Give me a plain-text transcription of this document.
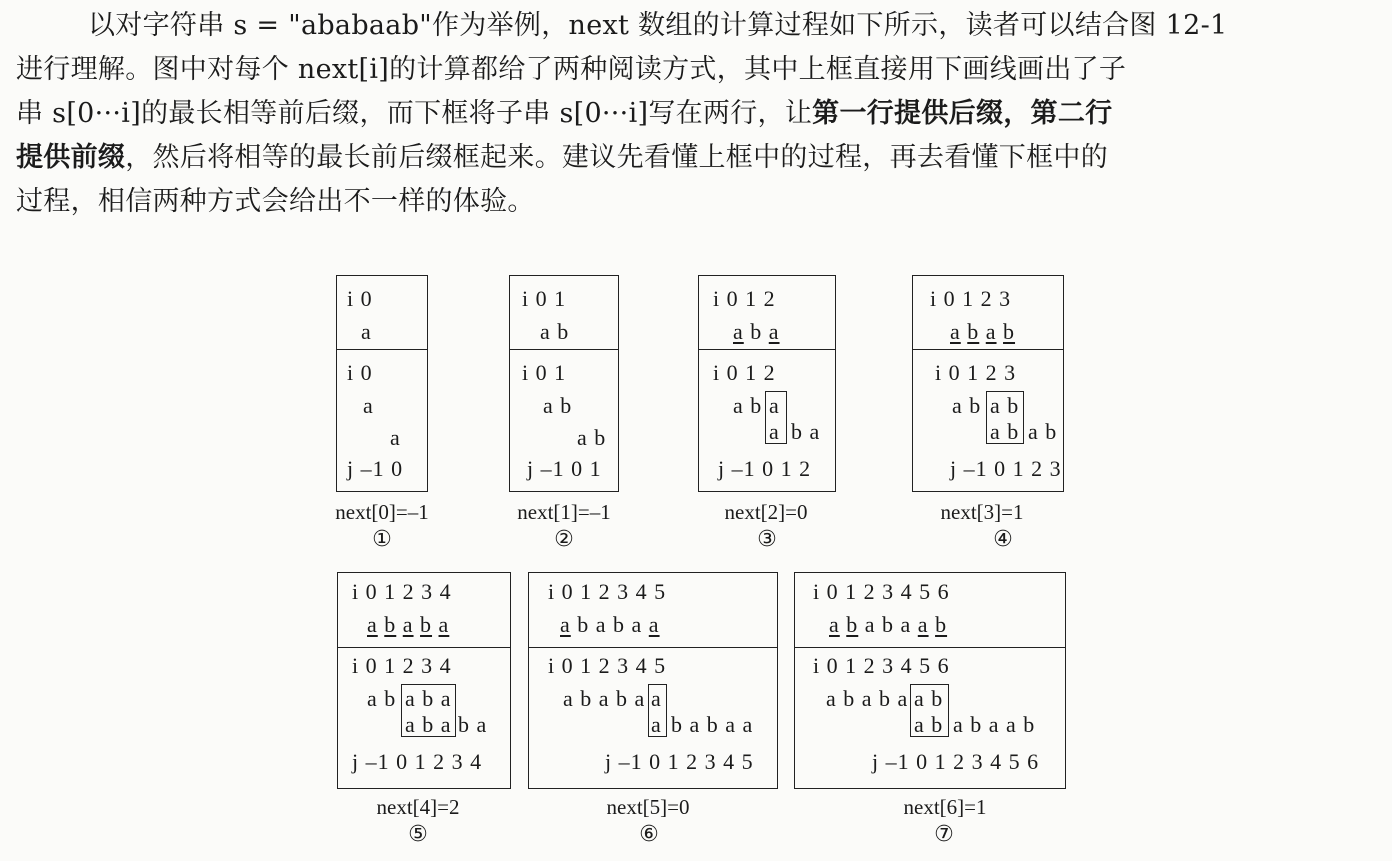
以对字符串 s = "ababaab"作为举例，next 数组的计算过程如下所示，读者可以结合图 12-1
进行理解。图中对每个 next[i]的计算都给了两种阅读方式，其中上框直接用下画线画出了子
串 s[0···i]的最长相等前后缀，而下框将子串 s[0···i]写在两行，让第一行提供后缀，第二行
提供前缀，然后将相等的最长前后缀框起来。建议先看懂上框中的过程，再去看懂下框中的
过程，相信两种方式会给出不一样的体验。
i 0
a
i 0
a
a
j –1 0
next[0]=–1
①
i 0 1
a b
i 0 1
a b
a b
j –1 0 1
next[1]=–1
②
i 0 1 2
a b a
i 0 1 2
a b a
a b a
j –1 0 1 2
next[2]=0
③
i 0 1 2 3
a b a b
i 0 1 2 3
a b a b
a b a b
j –1 0 1 2 3
next[3]=1
④
i 0 1 2 3 4
a b a b a
i 0 1 2 3 4
a b a b a
a b a b a
j –1 0 1 2 3 4
next[4]=2
⑤
i 0 1 2 3 4 5
a b a b a a
i 0 1 2 3 4 5
a b a b a a
a b a b a a
j –1 0 1 2 3 4 5
next[5]=0
⑥
i 0 1 2 3 4 5 6
a b a b a a b
i 0 1 2 3 4 5 6
a b a b a a b
a b a b a a b
j –1 0 1 2 3 4 5 6
next[6]=1
⑦
